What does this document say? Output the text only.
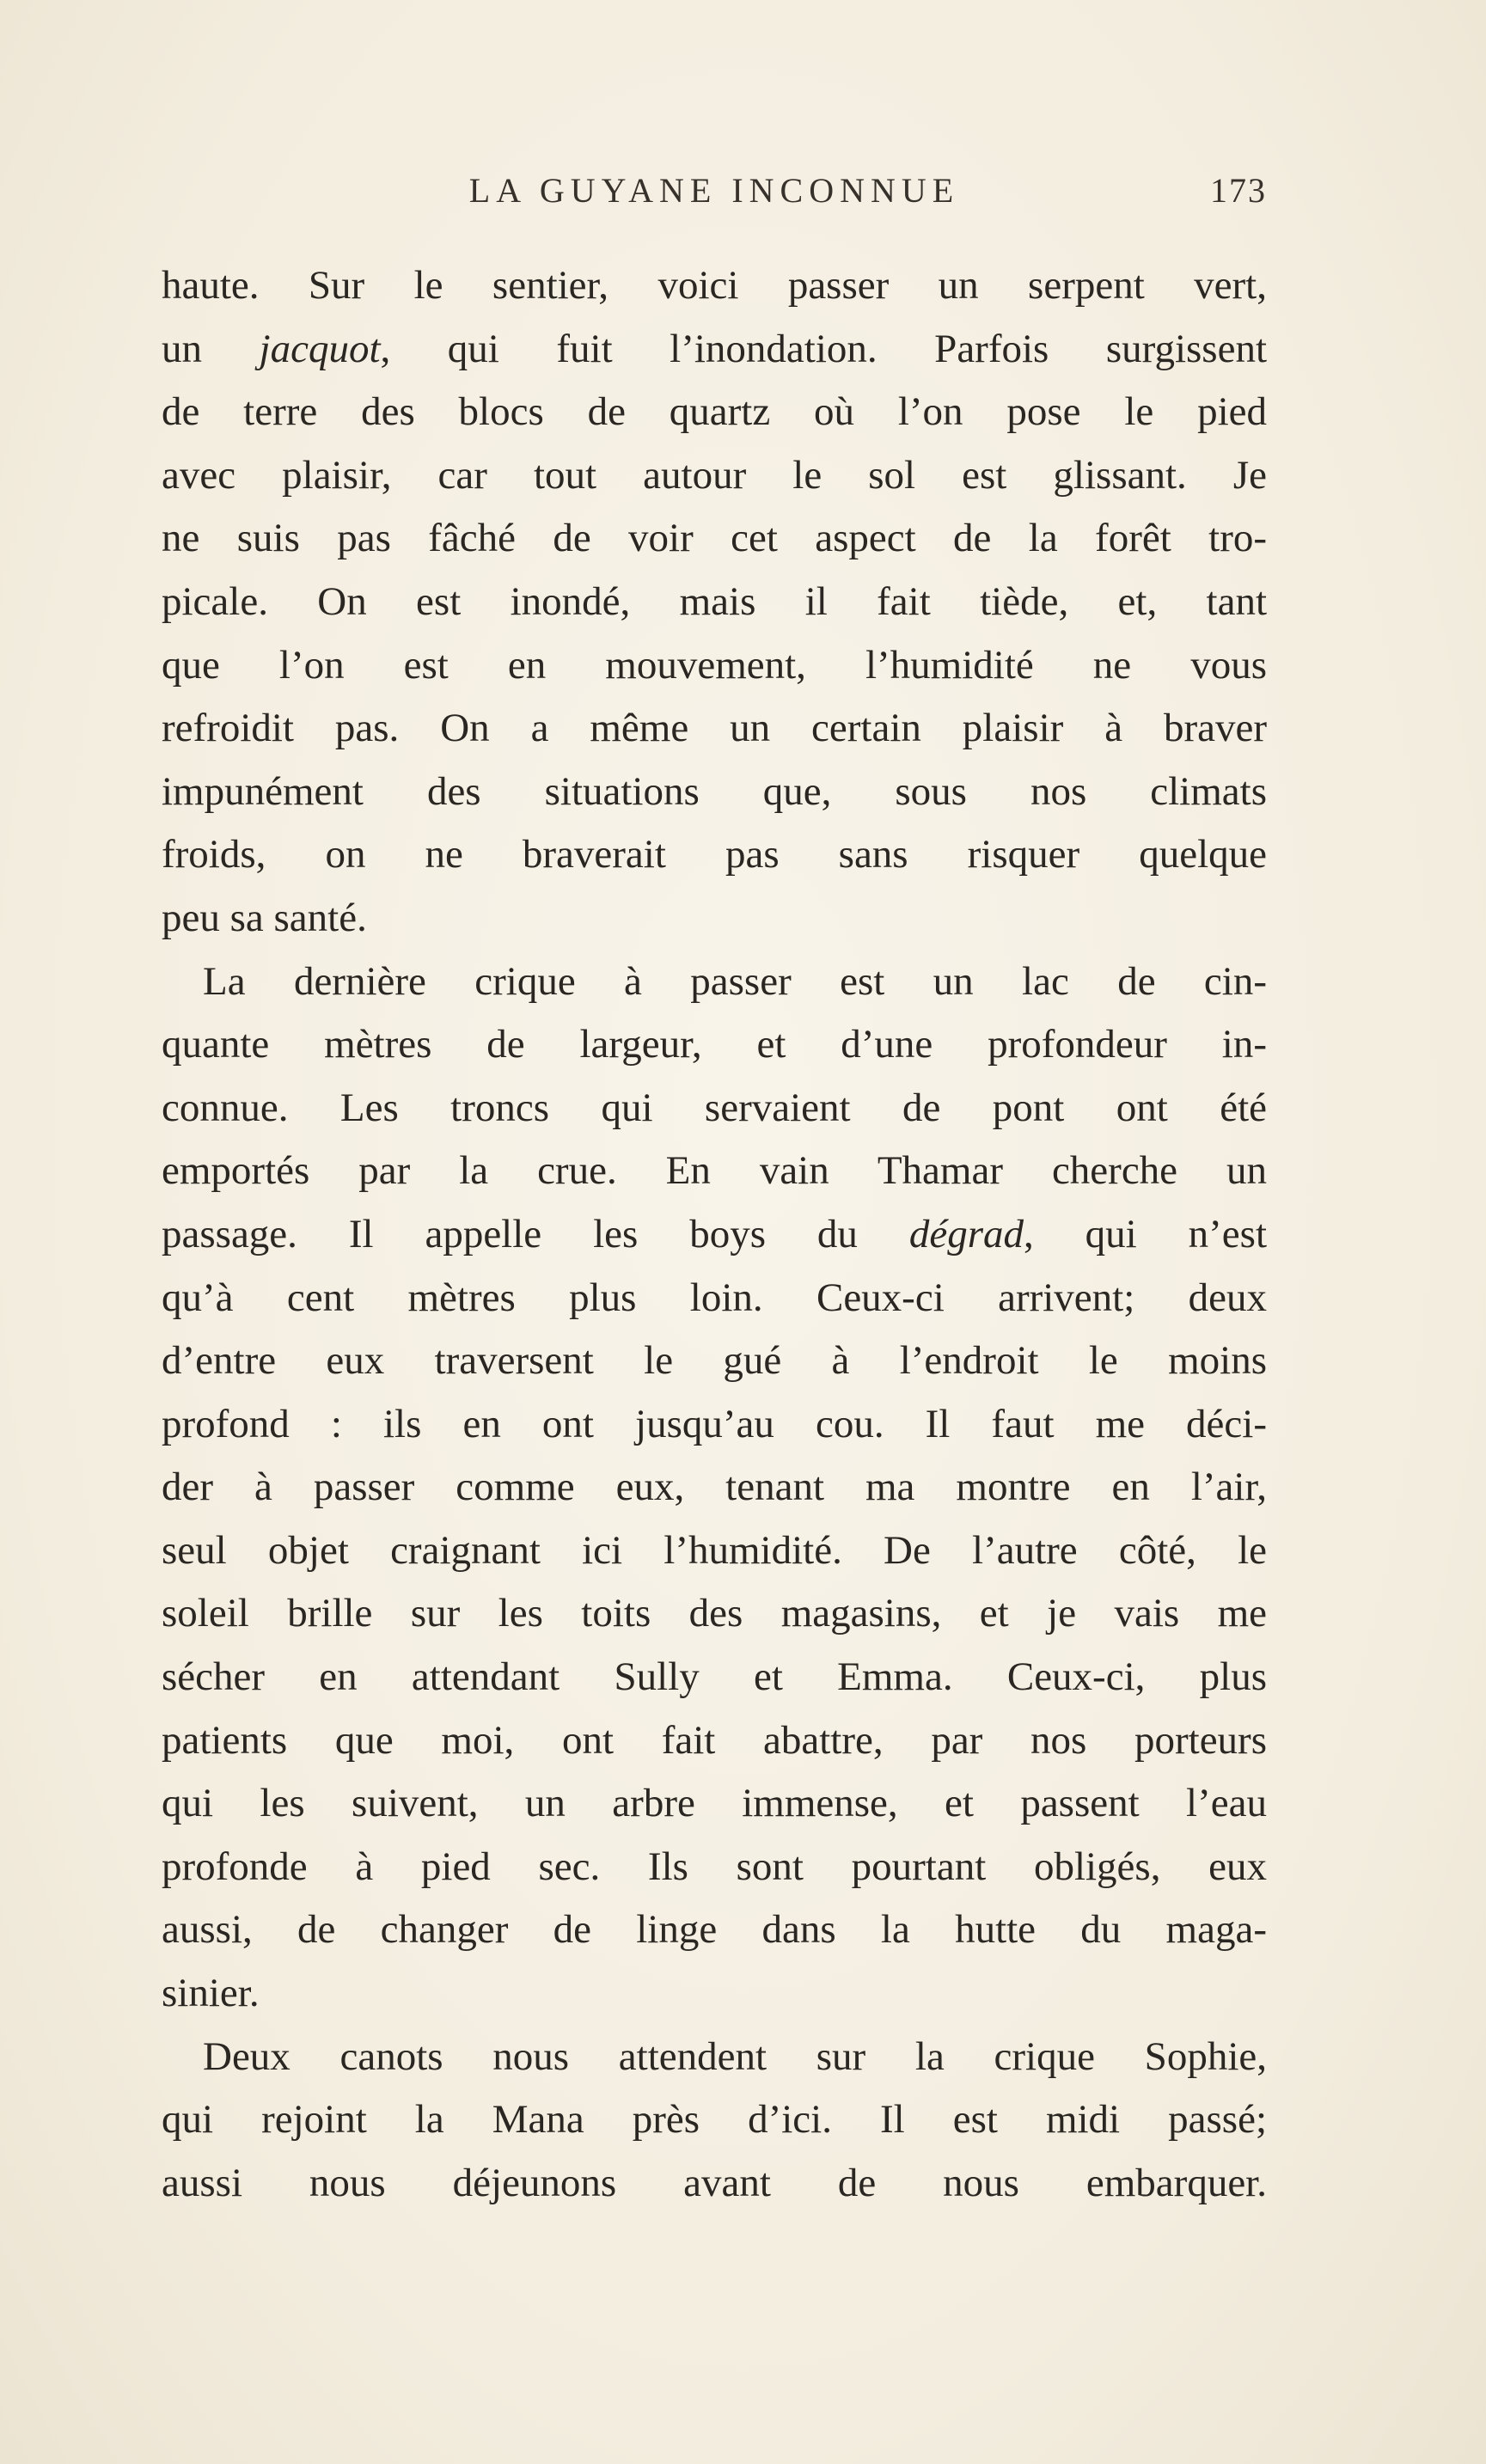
LA GUYANE INCONNUE	173

haute. Sur le sentier, voici passer un serpent vert,
un jacquot, qui fuit l’inondation. Parfois surgissent
de terre des blocs de quartz où l’on pose le pied
avec plaisir, car tout autour le sol est glissant. Je
ne suis pas fâché de voir cet aspect de la forêt tro-
picale. On est inondé, mais il fait tiède, et, tant
que l’on est en mouvement, l’humidité ne vous
refroidit pas. On a même un certain plaisir à braver
impunément des situations que, sous nos climats
froids, on ne braverait pas sans risquer quelque
peu sa santé.

La dernière crique à passer est un lac de cin-
quante mètres de largeur, et d’une profondeur in-
connue. Les troncs qui servaient de pont ont été
emportés par la crue. En vain Thamar cherche un
passage. Il appelle les boys du dégrad, qui n’est
qu’à cent mètres plus loin. Ceux-ci arrivent; deux
d’entre eux traversent le gué à l’endroit le moins
profond : ils en ont jusqu’au cou. Il faut me déci-
der à passer comme eux, tenant ma montre en l’air,
seul objet craignant ici l’humidité. De l’autre côté, le
soleil brille sur les toits des magasins, et je vais me
sécher en attendant Sully et Emma. Ceux-ci, plus
patients que moi, ont fait abattre, par nos porteurs
qui les suivent, un arbre immense, et passent l’eau
profonde à pied sec. Ils sont pourtant obligés, eux
aussi, de changer de linge dans la hutte du maga-
sinier.

Deux canots nous attendent sur la crique Sophie,
qui rejoint la Mana près d’ici. Il est midi passé;
aussi nous déjeunons avant de nous embarquer.
